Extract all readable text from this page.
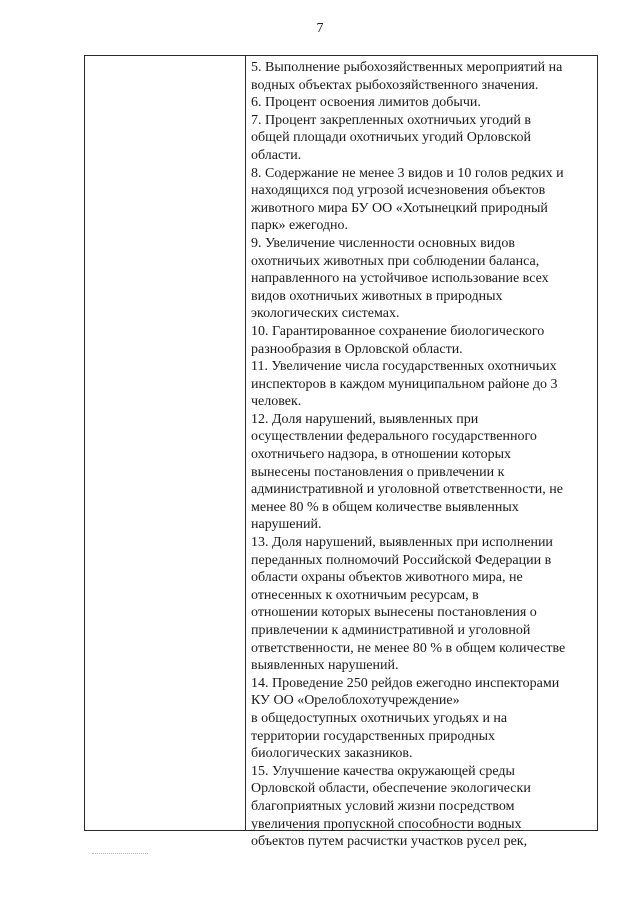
7
5. Выполнение рыбохозяйственных мероприятий на
водных объектах рыбохозяйственного значения.
6. Процент освоения лимитов добычи.
7. Процент закрепленных охотничьих угодий в
общей площади охотничьих угодий Орловской
области.
8. Содержание не менее 3 видов и 10 голов редких и
находящихся под угрозой исчезновения объектов
животного мира БУ ОО «Хотынецкий природный
парк» ежегодно.
9. Увеличение численности основных видов
охотничьих животных при соблюдении баланса,
направленного на устойчивое использование всех
видов охотничьих животных в природных
экологических системах.
10. Гарантированное сохранение биологического
разнообразия в Орловской области.
11. Увеличение числа государственных охотничьих
инспекторов в каждом муниципальном районе до 3
человек.
12. Доля нарушений, выявленных при
осуществлении федерального государственного
охотничьего надзора, в отношении которых
вынесены постановления о привлечении к
административной и уголовной ответственности, не
менее 80 % в общем количестве выявленных
нарушений.
13. Доля нарушений, выявленных при исполнении
переданных полномочий Российской Федерации в
области охраны объектов животного мира, не
отнесенных к охотничьим ресурсам, в
отношении которых вынесены постановления о
привлечении к административной и уголовной
ответственности, не менее 80 % в общем количестве
выявленных нарушений.
14. Проведение 250 рейдов ежегодно инспекторами
КУ ОО «Орелоблохотучреждение»
в общедоступных охотничьих угодьях и на
территории государственных природных
биологических заказников.
15. Улучшение качества окружающей среды
Орловской области, обеспечение экологически
благоприятных условий жизни посредством
увеличения пропускной способности водных
объектов путем расчистки участков русел рек,
